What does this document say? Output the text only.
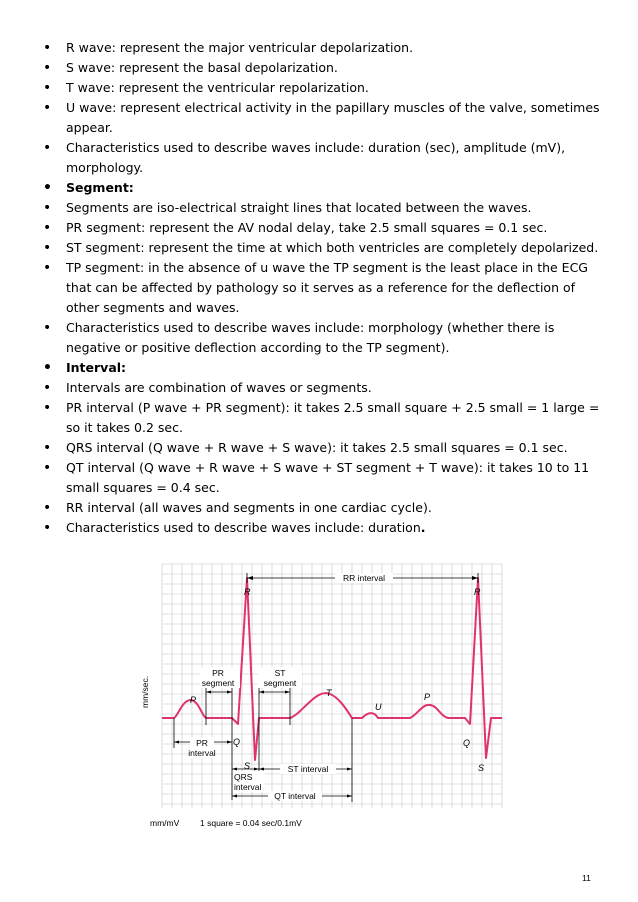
• R wave: represent the major ventricular depolarization.
• S wave: represent the basal depolarization.
• T wave: represent the ventricular repolarization.
• U wave: represent electrical activity in the papillary muscles of the valve, sometimes appear.
• Characteristics used to describe waves include: duration (sec), amplitude (mV), morphology.
• Segment:
• Segments are iso-electrical straight lines that located between the waves.
• PR segment: represent the AV nodal delay, take 2.5 small squares = 0.1 sec.
• ST segment: represent the time at which both ventricles are completely depolarized.
• TP segment: in the absence of u wave the TP segment is the least place in the ECG that can be affected by pathology so it serves as a reference for the deflection of other segments and waves.
• Characteristics used to describe waves include: morphology (whether there is negative or positive deflection according to the TP segment).
• Interval:
• Intervals are combination of waves or segments.
• PR interval (P wave + PR segment): it takes 2.5 small square + 2.5 small = 1 large = so it takes 0.2 sec.
• QRS interval (Q wave + R wave + S wave): it takes 2.5 small squares = 0.1 sec.
• QT interval (Q wave + R wave + S wave + ST segment + T wave): it takes 10 to 11 small squares = 0.4 sec.
• RR interval (all waves and segments in one cardiac cycle).
• Characteristics used to describe waves include: duration.
RR interval
PR
segment
ST
segment
PR
interval
QRS
interval
ST interval
QT interval
R	R
P	P
T
U
Q	Q
S	S
mm/sec.
mm/mV 1 square = 0.04 sec/0.1mV
11
